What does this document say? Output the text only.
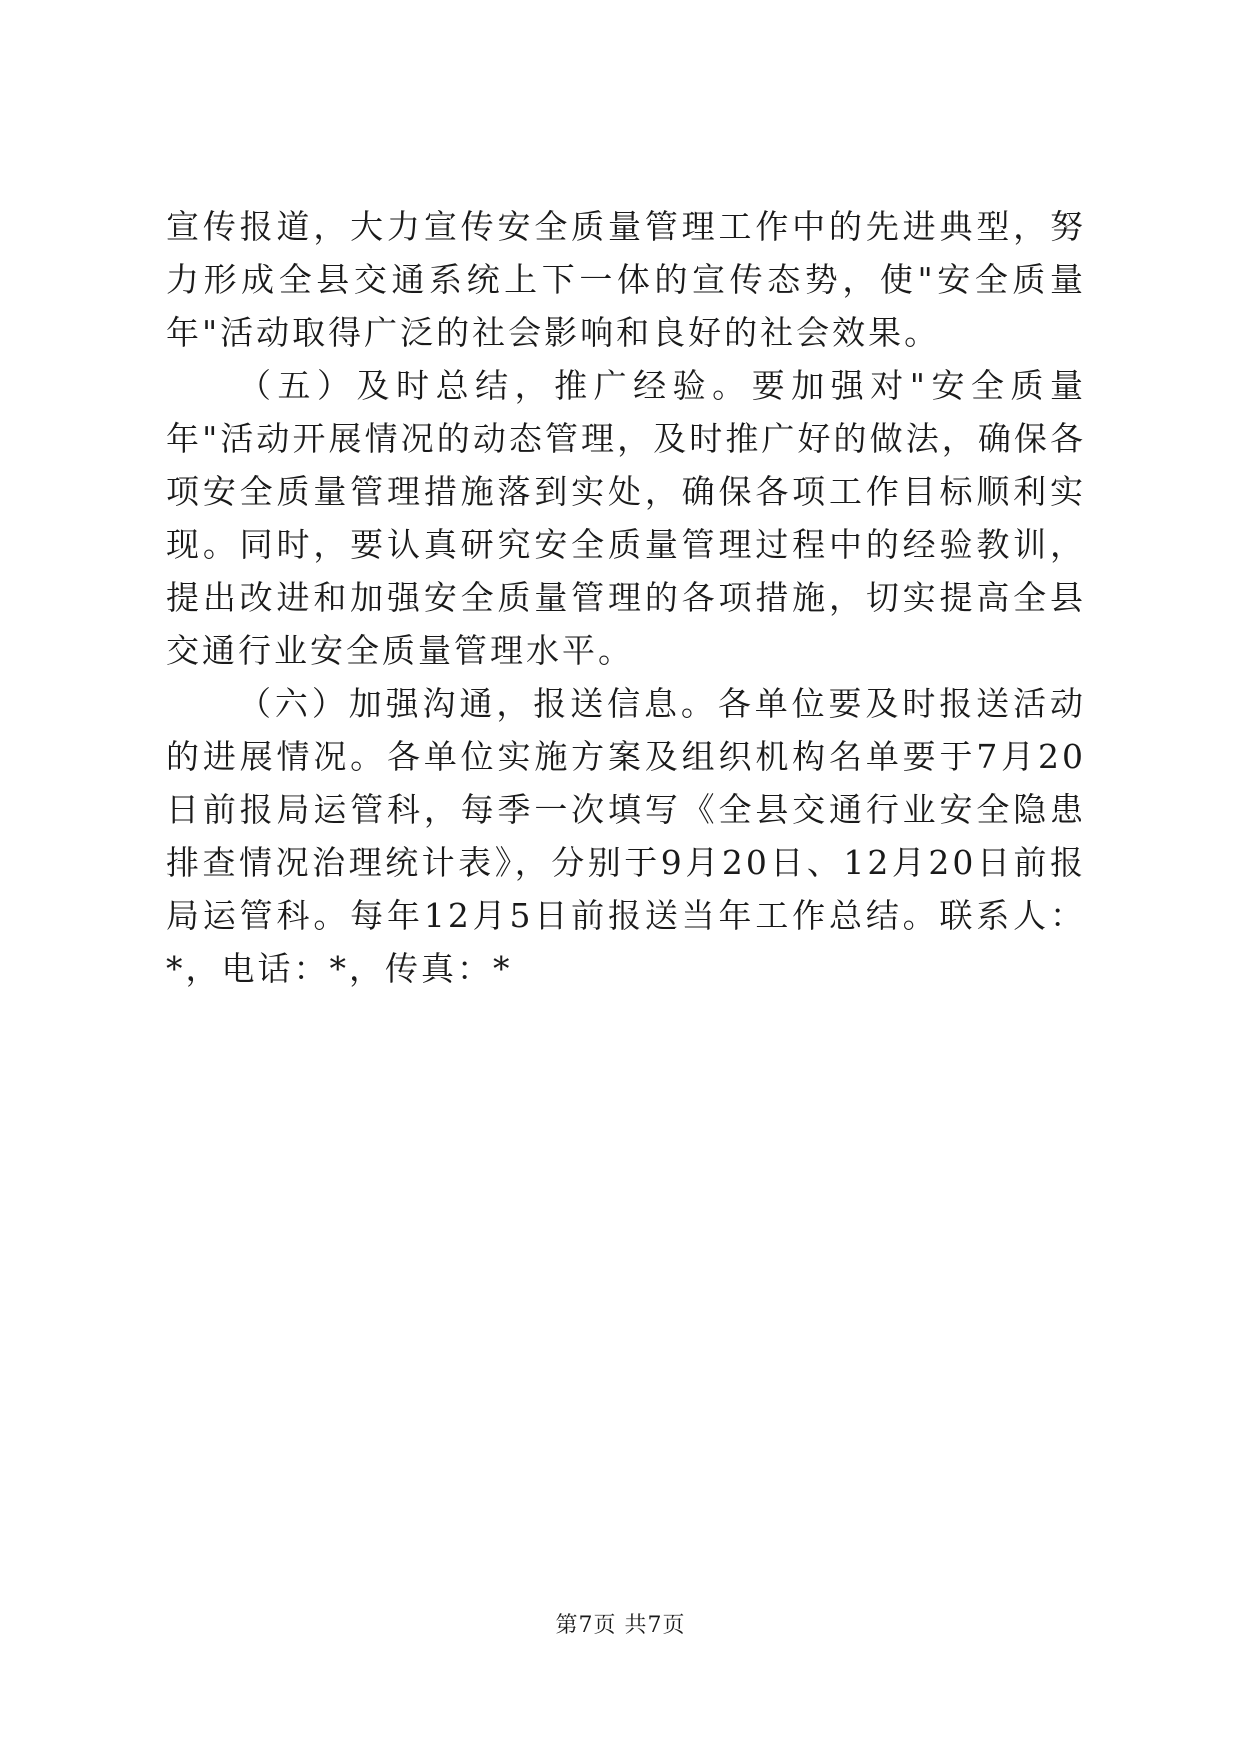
宣传报道，大力宣传安全质量管理工作中的先进典型，努力形成全县交通系统上下一体的宣传态势，使"安全质量年"活动取得广泛的社会影响和良好的社会效果。

（五）及时总结，推广经验。要加强对"安全质量年"活动开展情况的动态管理，及时推广好的做法，确保各项安全质量管理措施落到实处，确保各项工作目标顺利实现。同时，要认真研究安全质量管理过程中的经验教训，提出改进和加强安全质量管理的各项措施，切实提高全县交通行业安全质量管理水平。

（六）加强沟通，报送信息。各单位要及时报送活动的进展情况。各单位实施方案及组织机构名单要于7月20日前报局运管科，每季一次填写《全县交通行业安全隐患排查情况治理统计表》，分别于9月20日、12月20日前报局运管科。每年12月5日前报送当年工作总结。联系人：*，电话：*，传真：*

第7页 共7页
